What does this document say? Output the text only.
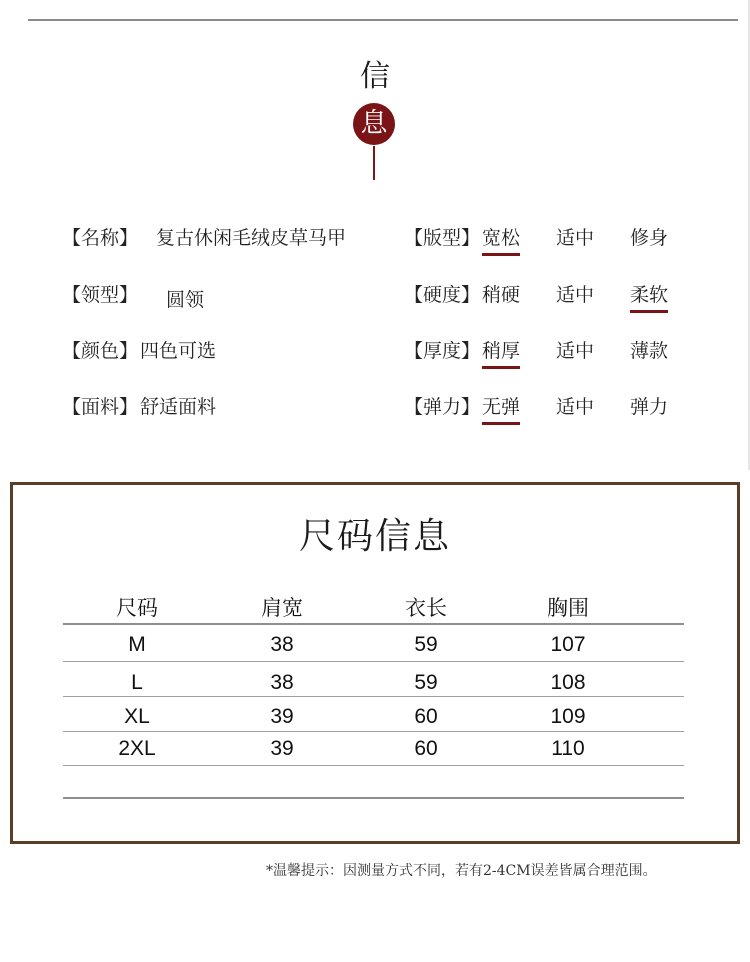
信
息
【名称】 复古休闲毛绒皮草马甲
【领型】 圆领
【颜色】 四色可选
【面料】 舒适面料
【版型】 宽松 适中 修身
【硬度】 稍硬 适中 柔软
【厚度】 稍厚 适中 薄款
【弹力】 无弹 适中 弹力
尺码信息
尺码	肩宽	衣长	胸围
M	38	59	107
L	38	59	108
XL	39	60	109
2XL	39	60	110
*温馨提示：因测量方式不同，若有2-4CM误差皆属合理范围。
